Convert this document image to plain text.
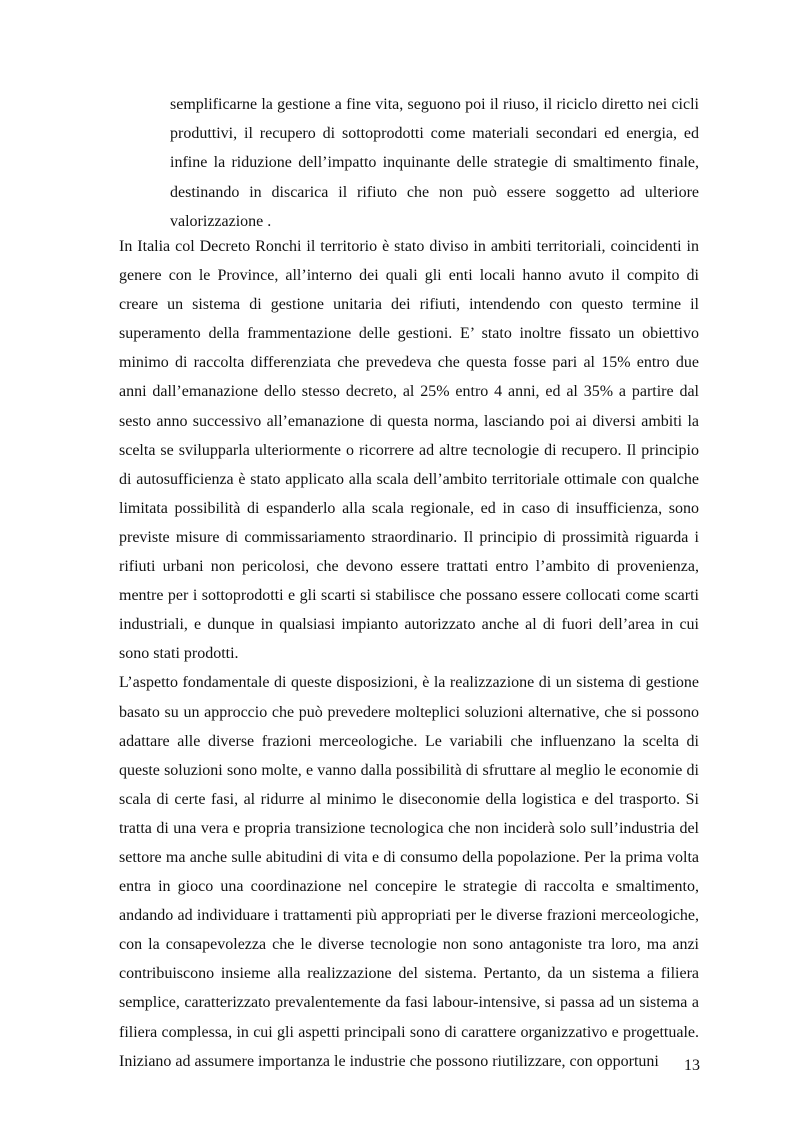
semplificarne la gestione a fine vita, seguono poi il riuso, il riciclo diretto nei cicli produttivi, il recupero di sottoprodotti come materiali secondari ed energia, ed infine la riduzione dell’impatto inquinante delle strategie di smaltimento finale, destinando in discarica il rifiuto che non può essere soggetto ad ulteriore valorizzazione .

In Italia col Decreto Ronchi il territorio è stato diviso in ambiti territoriali, coincidenti in genere con le Province, all’interno dei quali gli enti locali hanno avuto il compito di creare un sistema di gestione unitaria dei rifiuti, intendendo con questo termine il superamento della frammentazione delle gestioni. E’ stato inoltre fissato un obiettivo minimo di raccolta differenziata che prevedeva che questa fosse pari al 15% entro due anni dall’emanazione dello stesso decreto, al 25% entro 4 anni, ed al 35% a partire dal sesto anno successivo all’emanazione di questa norma, lasciando poi ai diversi ambiti la scelta se svilupparla ulteriormente o ricorrere ad altre tecnologie di recupero. Il principio di autosufficienza è stato applicato alla scala dell’ambito territoriale ottimale con qualche limitata possibilità di espanderlo alla scala regionale, ed in caso di insufficienza, sono previste misure di commissariamento straordinario. Il principio di prossimità riguarda i rifiuti urbani non pericolosi, che devono essere trattati entro l’ambito di provenienza, mentre per i sottoprodotti e gli scarti si stabilisce che possano essere collocati come scarti industriali, e dunque in qualsiasi impianto autorizzato anche al di fuori dell’area in cui sono stati prodotti.

L’aspetto fondamentale di queste disposizioni, è la realizzazione di un sistema di gestione basato su un approccio che può prevedere molteplici soluzioni alternative, che si possono adattare alle diverse frazioni merceologiche. Le variabili che influenzano la scelta di queste soluzioni sono molte, e vanno dalla possibilità di sfruttare al meglio le economie di scala di certe fasi, al ridurre al minimo le diseconomie della logistica e del trasporto. Si tratta di una vera e propria transizione tecnologica che non inciderà solo sull’industria del settore ma anche sulle abitudini di vita e di consumo della popolazione. Per la prima volta entra in gioco una coordinazione nel concepire le strategie di raccolta e smaltimento, andando ad individuare i trattamenti più appropriati per le diverse frazioni merceologiche, con la consapevolezza che le diverse tecnologie non sono antagoniste tra loro, ma anzi contribuiscono insieme alla realizzazione del sistema. Pertanto, da un sistema a filiera semplice, caratterizzato prevalentemente da fasi labour-intensive, si passa ad un sistema a filiera complessa, in cui gli aspetti principali sono di carattere organizzativo e progettuale. Iniziano ad assumere importanza le industrie che possono riutilizzare, con opportuni	13
